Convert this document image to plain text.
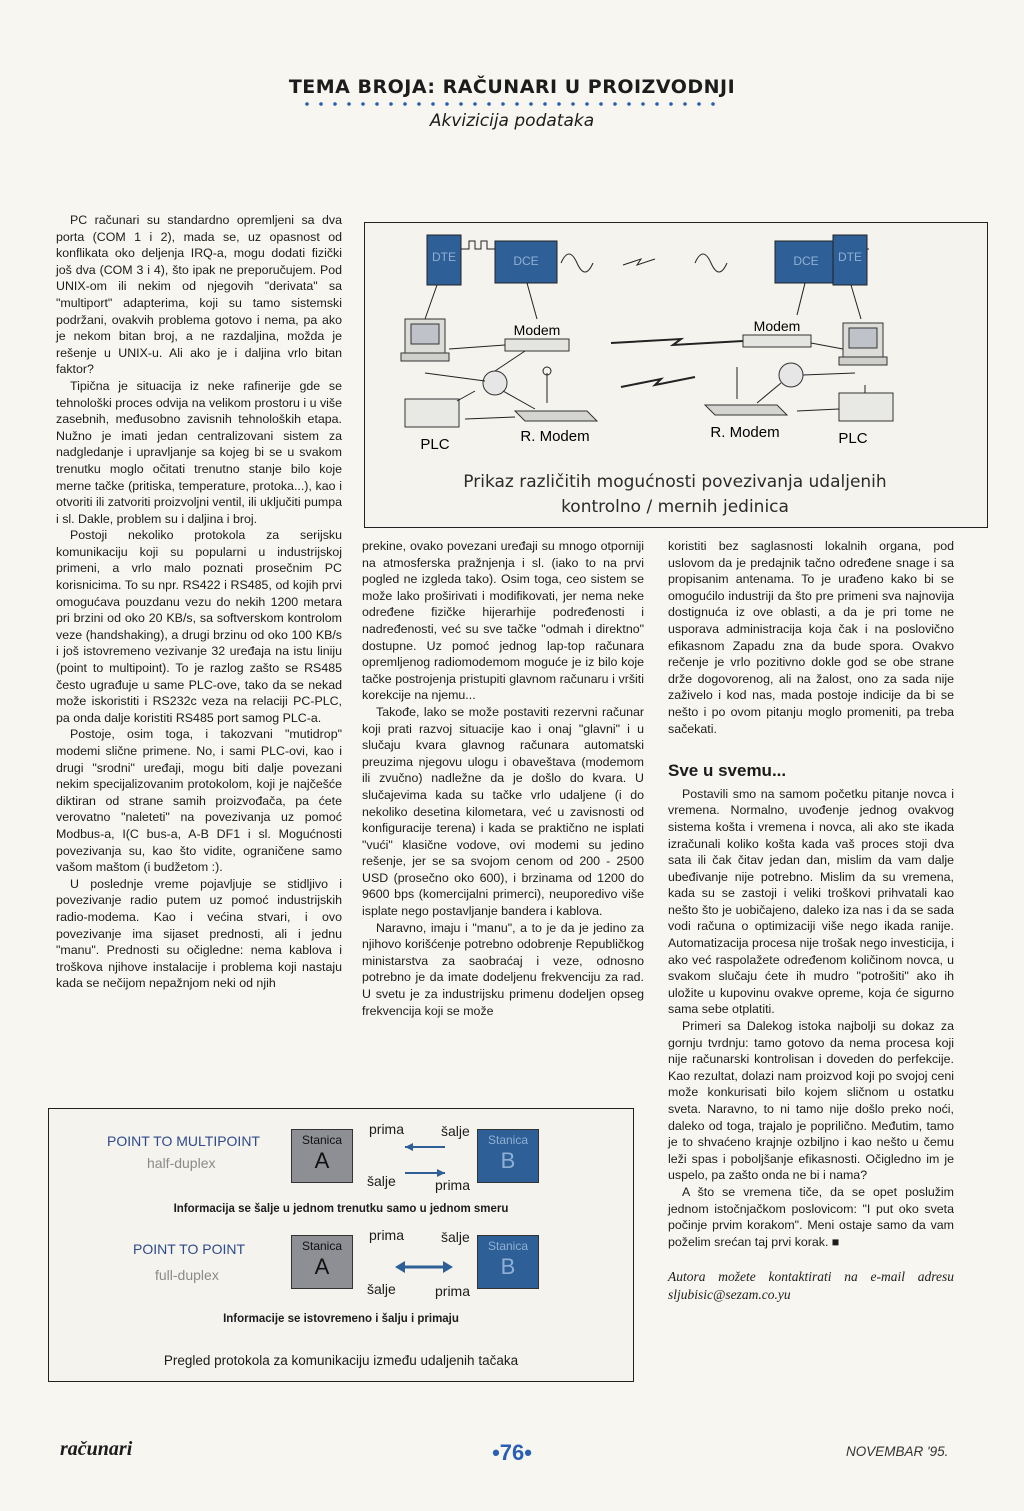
TEMA BROJA: RAČUNARI U PROIZVODNJI
Akvizicija podataka

PC računari su standardno opremljeni sa dva porta (COM 1 i 2), mada se, uz opasnost od konflikata oko deljenja IRQ-a, mogu dodati fizički još dva (COM 3 i 4), što ipak ne preporučujem. Pod UNIX-om ili nekim od njegovih "derivata" sa "multiport" adapterima, koji su tamo sistemski podržani, ovakvih problema gotovo i nema, pa ako je nekom bitan broj, a ne razdaljina, možda je rešenje u UNIX-u. Ali ako je i daljina vrlo bitan faktor?

Tipična je situacija iz neke rafinerije gde se tehnološki proces odvija na velikom prostoru i u više zasebnih, međusobno zavisnih tehnoloških etapa. Nužno je imati jedan centralizovani sistem za nadgledanje i upravljanje sa kojeg bi se u svakom trenutku moglo očitati trenutno stanje bilo koje merne tačke (pritiska, temperature, protoka...), kao i otvoriti ili zatvoriti proizvoljni ventil, ili uključiti pumpa i sl. Dakle, problem su i daljina i broj.

Postoji nekoliko protokola za serijsku komunikaciju koji su popularni u industrijskoj primeni, a vrlo malo poznati prosečnim PC korisnicima. To su npr. RS422 i RS485, od kojih prvi omogućava pouzdanu vezu do nekih 1200 metara pri brzini od oko 20 KB/s, sa softverskom kontrolom veze (handshaking), a drugi brzinu od oko 100 KB/s i još istovremeno vezivanje 32 uređaja na istu liniju (point to multipoint). To je razlog zašto se RS485 često ugrađuje u same PLC-ove, tako da se nekad može iskoristiti i RS232c veza na relaciji PC-PLC, pa onda dalje koristiti RS485 port samog PLC-a.

Postoje, osim toga, i takozvani "mutidrop" modemi slične primene. No, i sami PLC-ovi, kao i drugi "srodni" uređaji, mogu biti dalje povezani nekim specijalizovanim protokolom, koji je najčešće diktiran od strane samih proizvođača, pa ćete verovatno "naleteti" na povezivanja uz pomoć Modbus-a, I(C bus-a, A-B DF1 i sl. Mogućnosti povezivanja su, kao što vidite, ograničene samo vašom maštom (i budžetom :).

U poslednje vreme pojavljuje se stidljivo i povezivanje radio putem uz pomoć industrijskih radio-modema. Kao i većina stvari, i ovo povezivanje ima sijaset prednosti, ali i jednu "manu". Prednosti su očigledne: nema kablova i troškova njihove instalacije i problema koji nastaju kada se nečijom nepažnjom neki od njih

DTE	DCE
Modem
PLC	R. Modem
DCE DTE
Modem
R. Modem	PLC
Prikaz različitih mogućnosti povezivanja udaljenih
kontrolno / mernih jedinica

prekine, ovako povezani uređaji su mnogo otporniji na atmosferska pražnjenja i sl. (iako to na prvi pogled ne izgleda tako). Osim toga, ceo sistem se može lako proširivati i modifikovati, jer nema neke određene fizičke hijerarhije podređenosti i nadređenosti, već su sve tačke "odmah i direktno" dostupne. Uz pomoć jednog lap-top računara opremljenog radiomodemom moguće je iz bilo koje tačke postrojenja pristupiti glavnom računaru i vršiti korekcije na njemu...

Takođe, lako se može postaviti rezervni računar koji prati razvoj situacije kao i onaj "glavni" i u slučaju kvara glavnog računara automatski preuzima njegovu ulogu i obaveštava (modemom ili zvučno) nadležne da je došlo do kvara. U slučajevima kada su tačke vrlo udaljene (i do nekoliko desetina kilometara, već u zavisnosti od konfiguracije terena) i kada se praktično ne isplati "vući" klasične vodove, ovi modemi su jedino rešenje, jer se sa svojom cenom od 200 - 2500 USD (prosečno oko 600), i brzinama od 1200 do 9600 bps (komercijalni primerci), neuporedivo više isplate nego postavljanje bandera i kablova.

Naravno, imaju i "manu", a to je da je jedino za njihovo korišćenje potrebno odobrenje Republičkog ministarstva za saobraćaj i veze, odnosno potrebno je da imate dodeljenu frekvenciju za rad. U svetu je za industrijsku primenu dodeljen opseg frekvencija koji se može

koristiti bez saglasnosti lokalnih organa, pod uslovom da je predajnik tačno određene snage i sa propisanim antenama. To je urađeno kako bi se omogućilo industriji da što pre primeni sva najnovija dostignuća iz ove oblasti, a da je pri tome ne usporava administracija koja čak i na poslovično efikasnom Zapadu zna da bude spora. Ovakvo rečenje je vrlo pozitivno dokle god se obe strane drže dogovorenog, ali na žalost, ono za sada nije zaživelo i kod nas, mada postoje indicije da bi se nešto i po ovom pitanju moglo promeniti, pa treba sačekati.

Sve u svemu...

Postavili smo na samom početku pitanje novca i vremena. Normalno, uvođenje jednog ovakvog sistema košta i vremena i novca, ali ako ste ikada izračunali koliko košta kada vaš proces stoji dva sata ili čak čitav jedan dan, mislim da vam dalje ubeđivanje nije potrebno. Mislim da su vremena, kada su se zastoji i veliki troškovi prihvatali kao nešto što je uobičajeno, daleko iza nas i da se sada vodi računa o optimizaciji više nego ikada ranije. Automatizacija procesa nije trošak nego investicija, i ako već raspolažete određenom količinom novca, u svakom slučaju ćete ih mudro "potrošiti" ako ih uložite u kupovinu ovakve opreme, koja će sigurno sama sebe otplatiti.

Primeri sa Dalekog istoka najbolji su dokaz za gornju tvrdnju: tamo gotovo da nema procesa koji nije računarski kontrolisan i doveden do perfekcije. Kao rezultat, dolazi nam proizvod koji po svojoj ceni može konkurisati bilo kojem sličnom u ostatku sveta. Naravno, to ni tamo nije došlo preko noći, daleko od toga, trajalo je popriličnо. Međutim, tamo je to shvaćeno krajnje ozbiljno i kao nešto u čemu leži spas i poboljšanje efikasnosti. Očigledno im je uspelo, pa zašto onda ne bi i nama?

A što se vremena tiče, da se opet poslužim jednom istočnjačkom poslovicom: "I put oko sveta počinje prvim korakom". Meni ostaje samo da vam poželim srećan taj prvi korak. ■

Autora možete kontaktirati na e-mail adresu sljubisic@sezam.co.yu
POINT TO MULTIPOINT
half-duplex
Stanica
A
prima	šalje
šalje	prima
Stanica
B
Informacija se šalje u jednom trenutku samo u jednom smeru
POINT TO POINT
full-duplex
Stanica
A
prima	šalje
šalje	prima
Stanica
B
Informacije se istovremeno i šalju i primaju
Pregled protokola za komunikaciju između udaljenih tačaka
računari	•76•	NOVEMBAR '95.
